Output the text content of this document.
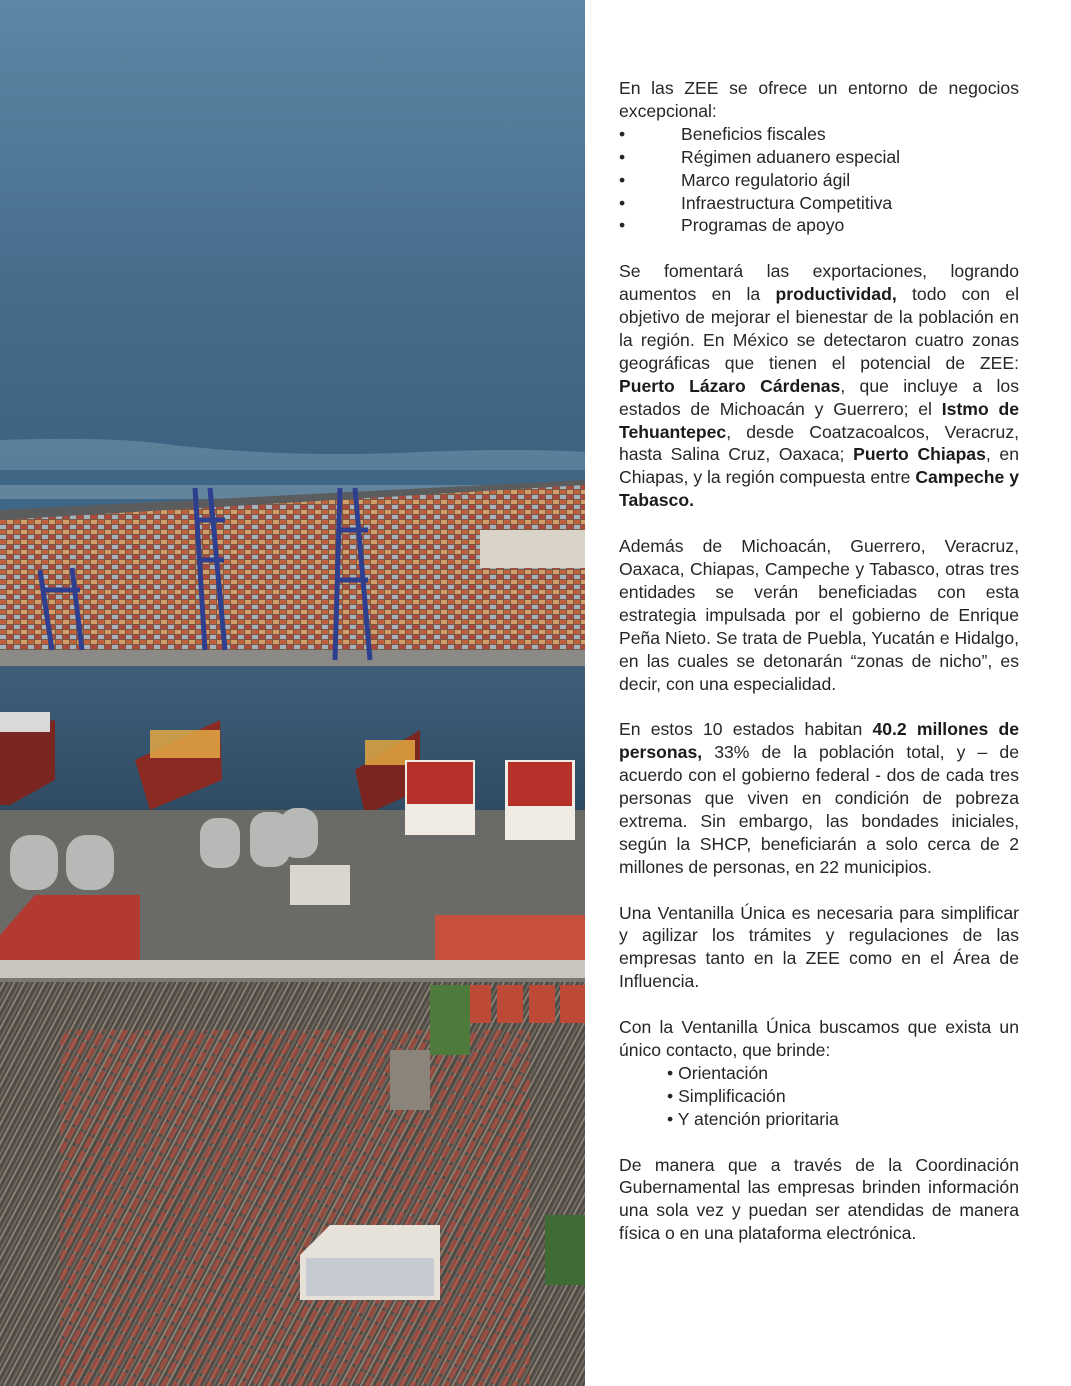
En las ZEE se ofrece un entorno de negocios excepcional:

• Beneficios fiscales
• Régimen aduanero especial
• Marco regulatorio ágil
• Infraestructura Competitiva
• Programas de apoyo

Se fomentará las exportaciones, logrando aumentos en la productividad, todo con el objetivo de mejorar el bienestar de la población en la región. En México se detectaron cuatro zonas geográficas que tienen el potencial de ZEE: Puerto Lázaro Cárdenas, que incluye a los estados de Michoacán y Guerrero; el Istmo de Tehuantepec, desde Coatzacoalcos, Veracruz, hasta Salina Cruz, Oaxaca; Puerto Chiapas, en Chiapas, y la región compuesta entre Campeche y Tabasco.

Además de Michoacán, Guerrero, Veracruz, Oaxaca, Chiapas, Campeche y Tabasco, otras tres entidades se verán beneficiadas con esta estrategia impulsada por el gobierno de Enrique Peña Nieto. Se trata de Puebla, Yucatán e Hidalgo, en las cuales se detonarán “zonas de nicho”, es decir, con una especialidad.

En estos 10 estados habitan 40.2 millones de personas, 33% de la población total, y – de acuerdo con el gobierno federal - dos de cada tres personas que viven en condición de pobreza extrema. Sin embargo, las bondades iniciales, según la SHCP, beneficiarán a solo cerca de 2 millones de personas, en 22 municipios.

Una Ventanilla Única es necesaria para simplificar y agilizar los trámites y regulaciones de las empresas tanto en la ZEE como en el Área de Influencia.

Con la Ventanilla Única buscamos que exista un único contacto, que brinde:

• Orientación
• Simplificación
• Y atención prioritaria

De manera que a través de la Coordinación Gubernamental las empresas brinden información una sola vez y puedan ser atendidas de manera física o en una plataforma electrónica.
